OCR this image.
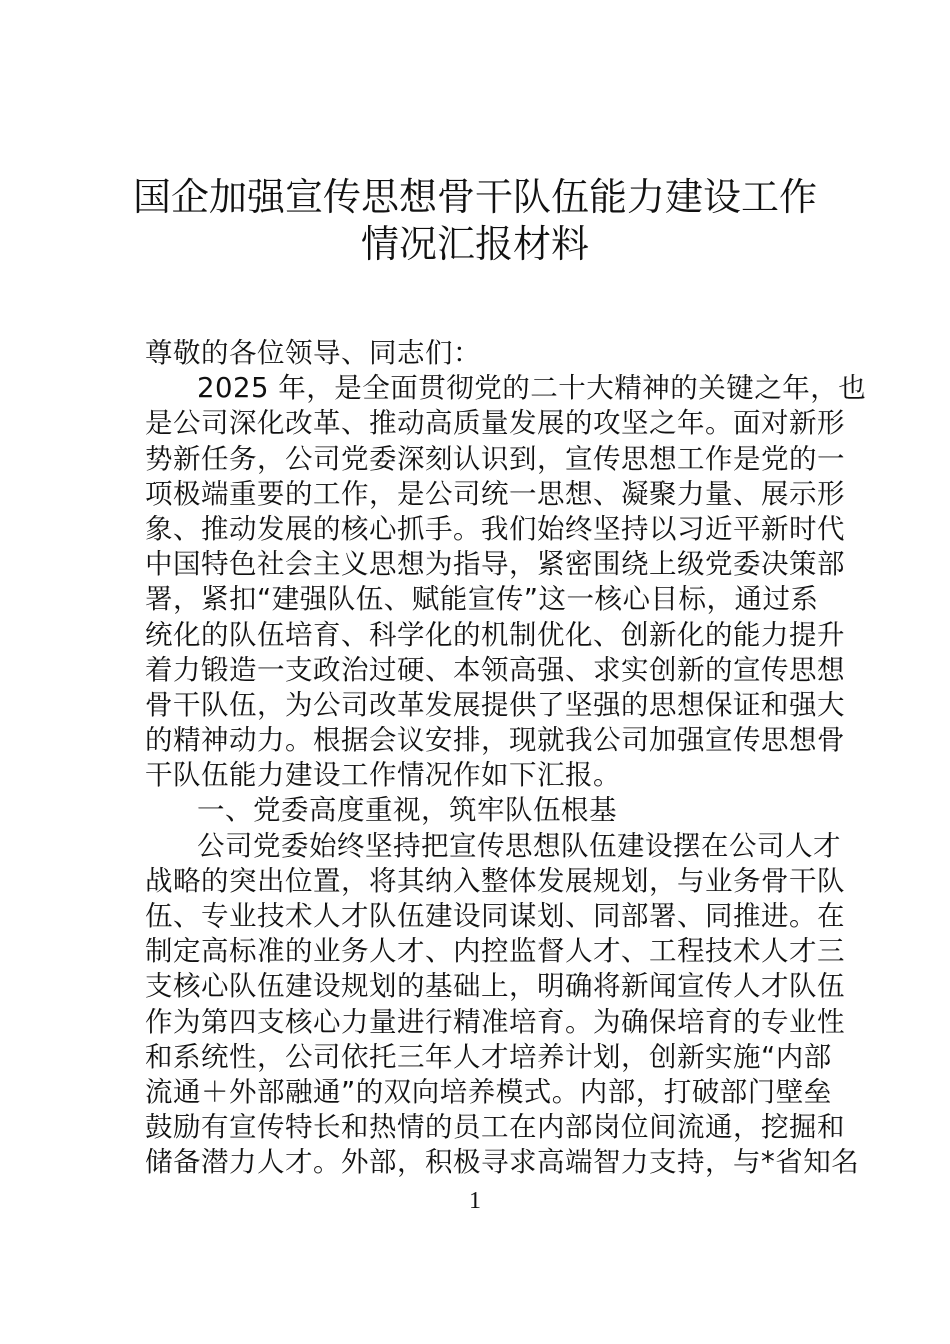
国企加强宣传思想骨干队伍能力建设工作
情况汇报材料
尊敬的各位领导、同志们：
2025 年，是全面贯彻党的二十大精神的关键之年，也
是公司深化改革、推动高质量发展的攻坚之年。面对新形
势新任务，公司党委深刻认识到，宣传思想工作是党的一
项极端重要的工作，是公司统一思想、凝聚力量、展示形
象、推动发展的核心抓手。我们始终坚持以习近平新时代
中国特色社会主义思想为指导，紧密围绕上级党委决策部
署，紧扣“建强队伍、赋能宣传”这一核心目标，通过系
统化的队伍培育、科学化的机制优化、创新化的能力提升
着力锻造一支政治过硬、本领高强、求实创新的宣传思想
骨干队伍，为公司改革发展提供了坚强的思想保证和强大
的精神动力。根据会议安排，现就我公司加强宣传思想骨
干队伍能力建设工作情况作如下汇报。
一、党委高度重视，筑牢队伍根基
公司党委始终坚持把宣传思想队伍建设摆在公司人才
战略的突出位置，将其纳入整体发展规划，与业务骨干队
伍、专业技术人才队伍建设同谋划、同部署、同推进。在
制定高标准的业务人才、内控监督人才、工程技术人才三
支核心队伍建设规划的基础上，明确将新闻宣传人才队伍
作为第四支核心力量进行精准培育。为确保培育的专业性
和系统性，公司依托三年人才培养计划，创新实施“内部
流通＋外部融通”的双向培养模式。内部，打破部门壁垒
鼓励有宣传特长和热情的员工在内部岗位间流通，挖掘和
储备潜力人才。外部，积极寻求高端智力支持，与*省知名
1
